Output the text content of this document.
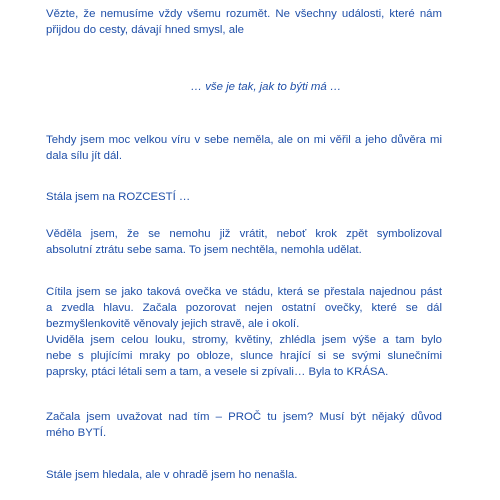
Vězte, že nemusíme vždy všemu rozumět. Ne všechny události, které nám
přijdou do cesty, dávají hned smysl, ale

… vše je tak, jak to býti má …

Tehdy jsem moc velkou víru v sebe neměla, ale on mi věřil a jeho důvěra mi
dala sílu jít dál.

Stála jsem na ROZCESTÍ …

Věděla jsem, že se nemohu již vrátit, neboť krok zpět symbolizoval
absolutní ztrátu sebe sama. To jsem nechtěla, nemohla udělat.

Cítila jsem se jako taková ovečka ve stádu, která se přestala najednou pást
a zvedla hlavu. Začala pozorovat nejen ostatní ovečky, které se dál
bezmyšlenkovitě věnovaly jejich stravě, ale i okolí.
Uviděla jsem celou louku, stromy, květiny, zhlédla jsem výše a tam bylo
nebe s plujícími mraky po obloze, slunce hrající si se svými slunečními
paprsky, ptáci létali sem a tam, a vesele si zpívali… Byla to KRÁSA.

Začala jsem uvažovat nad tím – PROČ tu jsem? Musí být nějaký důvod
mého BYTÍ.

Stále jsem hledala, ale v ohradě jsem ho nenašla.
